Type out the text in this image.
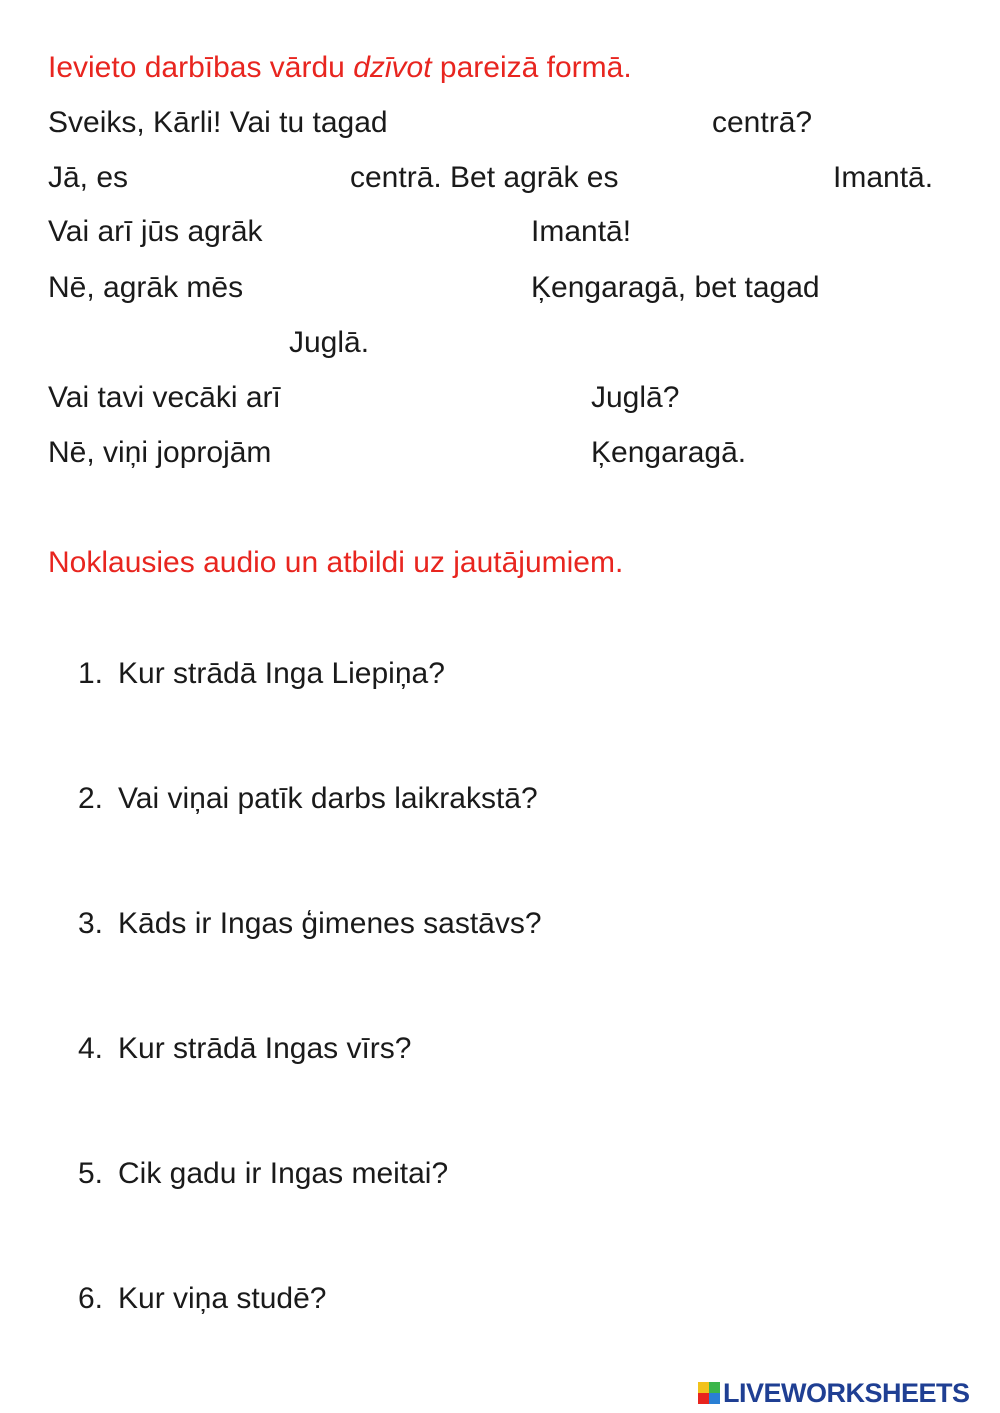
Ievieto darbības vārdu dzīvot pareizā formā.
Sveiks, Kārli! Vai tu tagad	centrā?
Jā, es	centrā. Bet agrāk es	Imantā.
Vai arī jūs agrāk	Imantā!
Nē, agrāk mēs	Ķengaragā, bet tagad
Juglā.
Vai tavi vecāki arī	Juglā?
Nē, viņi joprojām	Ķengaragā.
Noklausies audio un atbildi uz jautājumiem.
1. Kur strādā Inga Liepiņa?
2. Vai viņai patīk darbs laikrakstā?
3. Kāds ir Ingas ģimenes sastāvs?
4. Kur strādā Ingas vīrs?
5. Cik gadu ir Ingas meitai?
6. Kur viņa studē?
LIVEWORKSHEETS
